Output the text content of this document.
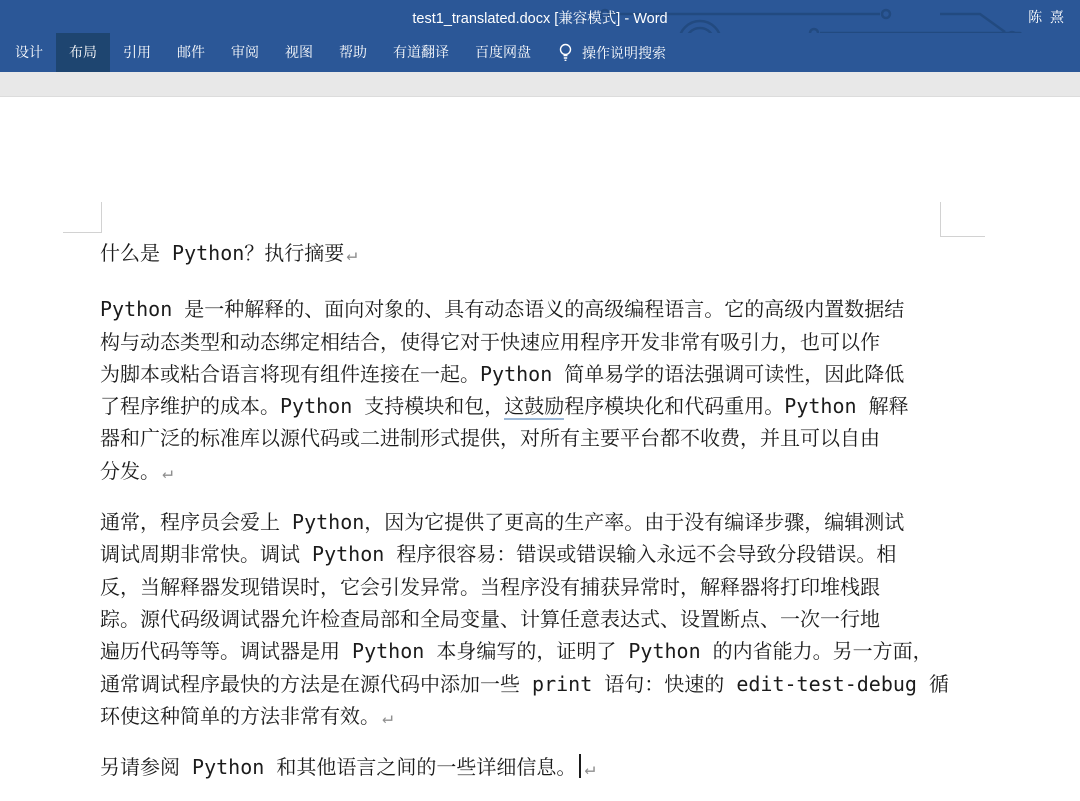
test1_translated.docx [兼容模式] - Word	陈 熹
设计	布局	引用	邮件	审阅	视图	帮助	有道翻译	百度网盘	操作说明搜索
什么是 Python？执行摘要 ↵
Python 是一种解释的、面向对象的、具有动态语义的高级编程语言。它的高级内置数据结
构与动态类型和动态绑定相结合，使得它对于快速应用程序开发非常有吸引力，也可以作
为脚本或粘合语言将现有组件连接在一起。Python 简单易学的语法强调可读性，因此降低
了程序维护的成本。Python 支持模块和包，这鼓励程序模块化和代码重用。Python 解释
器和广泛的标准库以源代码或二进制形式提供，对所有主要平台都不收费，并且可以自由
分发。 ↵
通常，程序员会爱上 Python，因为它提供了更高的生产率。由于没有编译步骤，编辑测试
调试周期非常快。调试 Python 程序很容易：错误或错误输入永远不会导致分段错误。相
反，当解释器发现错误时，它会引发异常。当程序没有捕获异常时，解释器将打印堆栈跟
踪。源代码级调试器允许检查局部和全局变量、计算任意表达式、设置断点、一次一行地
遍历代码等等。调试器是用 Python 本身编写的，证明了 Python 的内省能力。另一方面，
通常调试程序最快的方法是在源代码中添加一些 print 语句：快速的 edit-test-debug 循
环使这种简单的方法非常有效。 ↵
另请参阅 Python 和其他语言之间的一些详细信息。 ↵
